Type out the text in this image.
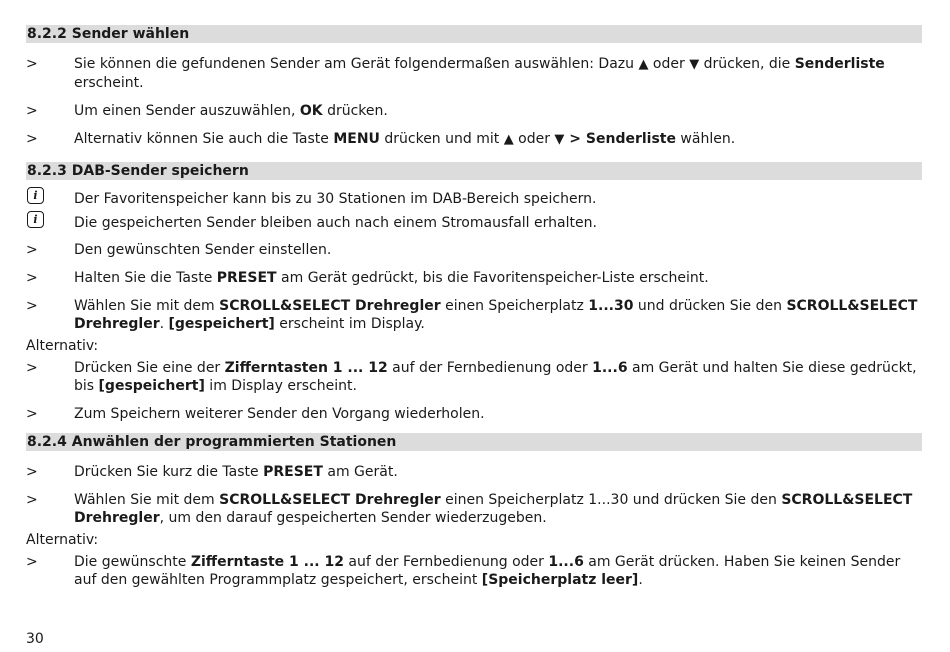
8.2.2 Sender wählen
>	Sie können die gefundenen Sender am Gerät folgendermaßen auswählen: Dazu ▲ oder ▼ drücken, die Senderliste erscheint.
>	Um einen Sender auszuwählen, OK drücken.
>	Alternativ können Sie auch die Taste MENU drücken und mit ▲ oder ▼ > Senderliste wählen.
8.2.3 DAB-Sender speichern
i	Der Favoritenspeicher kann bis zu 30 Stationen im DAB-Bereich speichern.
i	Die gespeicherten Sender bleiben auch nach einem Stromausfall erhalten.
>	Den gewünschten Sender einstellen.
>	Halten Sie die Taste PRESET am Gerät gedrückt, bis die Favoritenspeicher-Liste erscheint.
>	Wählen Sie mit dem SCROLL&SELECT Drehregler einen Speicherplatz 1...30 und drücken Sie den SCROLL&SELECT Drehregler. [gespeichert] erscheint im Display.
Alternativ:
>	Drücken Sie eine der Zifferntasten 1 ... 12 auf der Fernbedienung oder 1...6 am Gerät und halten Sie diese gedrückt, bis [gespeichert] im Display erscheint.
>	Zum Speichern weiterer Sender den Vorgang wiederholen.
8.2.4 Anwählen der programmierten Stationen
>	Drücken Sie kurz die Taste PRESET am Gerät.
>	Wählen Sie mit dem SCROLL&SELECT Drehregler einen Speicherplatz 1...30 und drücken Sie den SCROLL&SELECT Drehregler, um den darauf gespeicherten Sender wiederzugeben.
Alternativ:
>	Die gewünschte Zifferntaste 1 ... 12 auf der Fernbedienung oder 1...6 am Gerät drücken. Haben Sie keinen Sender auf den gewählten Programmplatz gespeichert, erscheint [Speicherplatz leer].
30
